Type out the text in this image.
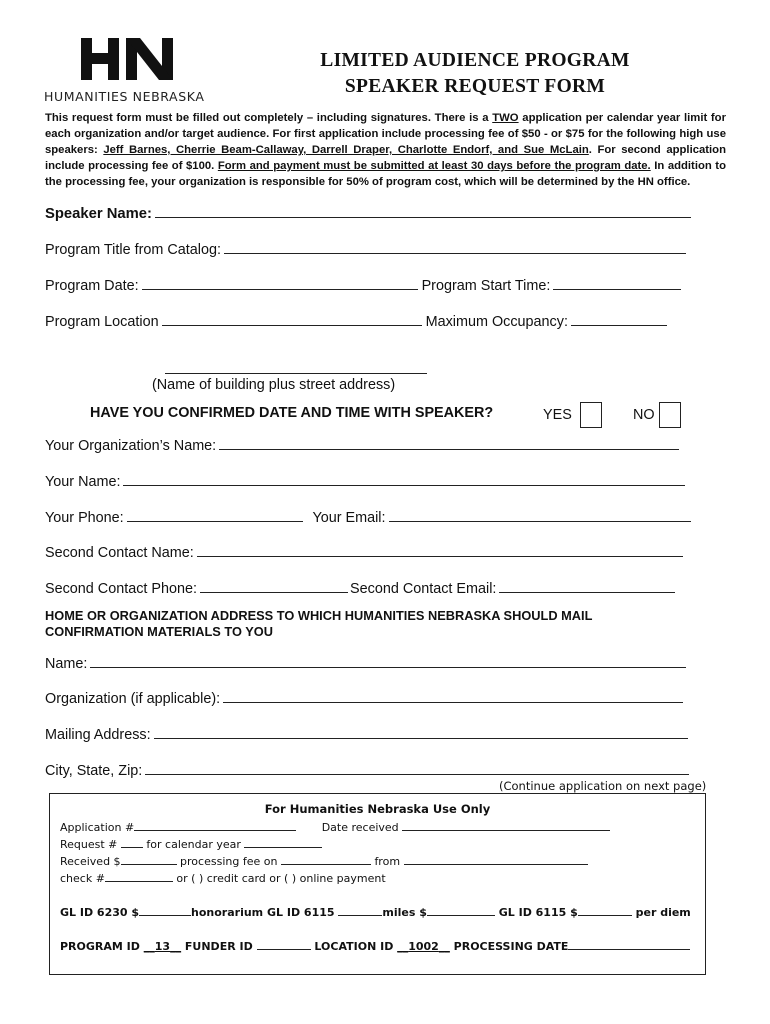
HUMANITIES NEBRASKA
LIMITED AUDIENCE PROGRAM
SPEAKER REQUEST FORM
This request form must be filled out completely – including signatures. There is a TWO application per calendar year limit for each organization and/or target audience. For first application include processing fee of $50 - or $75 for the following high use speakers: Jeff Barnes, Cherrie Beam-Callaway, Darrell Draper, Charlotte Endorf, and Sue McLain. For second application include processing fee of $100. Form and payment must be submitted at least 30 days before the program date. In addition to the processing fee, your organization is responsible for 50% of program cost, which will be determined by the HN office.
Speaker Name:
Program Title from Catalog:
Program Date:	Program Start Time:
Program Location	Maximum Occupancy:
(Name of building plus street address)
HAVE YOU CONFIRMED DATE AND TIME WITH SPEAKER?	YES	NO
Your Organization’s Name:
Your Name:
Your Phone:	Your Email:
Second Contact Name:
Second Contact Phone:	Second Contact Email:
HOME OR ORGANIZATION ADDRESS TO WHICH HUMANITIES NEBRASKA SHOULD MAIL
CONFIRMATION MATERIALS TO YOU
Name:
Organization (if applicable):
Mailing Address:
City, State, Zip:
(Continue application on next page)
For Humanities Nebraska Use Only
Application #	Date received
Request #	for calendar year
Received $	processing fee on	from
check #	or ( ) credit card or ( ) online payment
GL ID 6230 $	honorarium GL ID 6115	miles $	GL ID 6115 $	per diem
PROGRAM ID __13__ FUNDER ID	LOCATION ID __1002__ PROCESSING DATE
